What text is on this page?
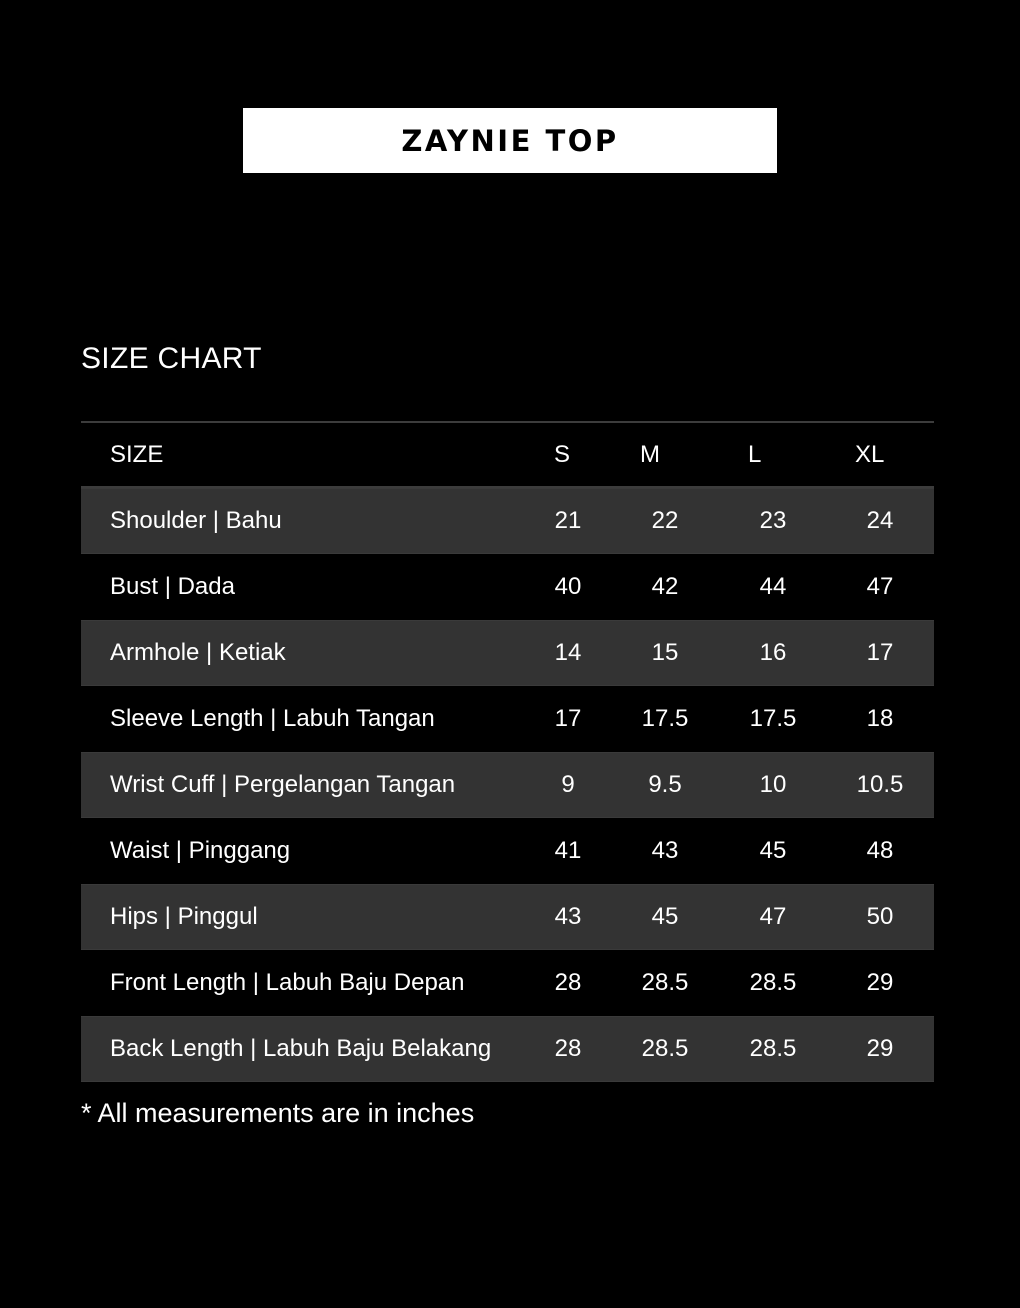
ZAYNIE TOP
SIZE CHART
SIZE	S	M	L	XL
Shoulder | Bahu	21	22	23	24
Bust | Dada	40	42	44	47
Armhole | Ketiak	14	15	16	17
Sleeve Length | Labuh Tangan	17	17.5	17.5	18
Wrist Cuff | Pergelangan Tangan	9	9.5	10	10.5
Waist | Pinggang	41	43	45	48
Hips | Pinggul	43	45	47	50
Front Length | Labuh Baju Depan	28	28.5	28.5	29
Back Length | Labuh Baju Belakang	28	28.5	28.5	29
* All measurements are in inches
